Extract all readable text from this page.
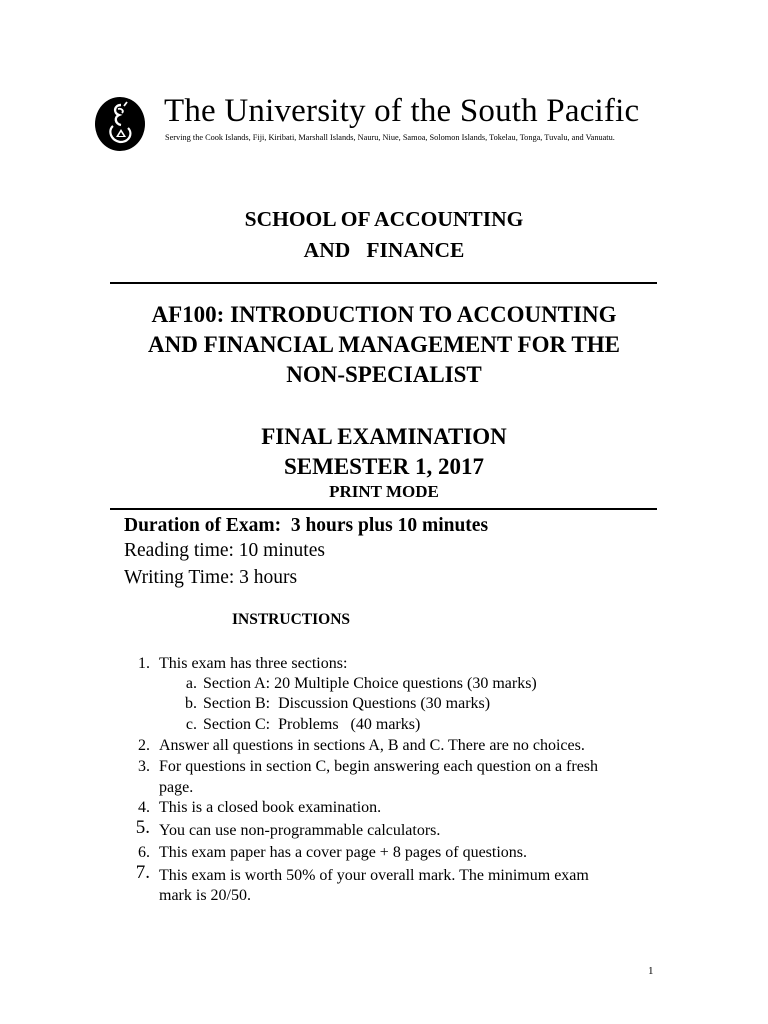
The University of the South Pacific
Serving the Cook Islands, Fiji, Kiribati, Marshall Islands, Nauru, Niue, Samoa, Solomon Islands, Tokelau, Tonga, Tuvalu, and Vanuatu.
SCHOOL OF ACCOUNTING
AND   FINANCE
AF100: INTRODUCTION TO ACCOUNTING
AND FINANCIAL MANAGEMENT FOR THE
NON-SPECIALIST
FINAL EXAMINATION
SEMESTER 1, 2017
PRINT MODE
Duration of Exam:  3 hours plus 10 minutes
Reading time: 10 minutes
Writing Time: 3 hours
INSTRUCTIONS
1. This exam has three sections:
a. Section A: 20 Multiple Choice questions (30 marks)
b. Section B:  Discussion Questions (30 marks)
c. Section C:  Problems   (40 marks)
2. Answer all questions in sections A, B and C. There are no choices.
3. For questions in section C, begin answering each question on a fresh
page.
4. This is a closed book examination.
5. You can use non-programmable calculators.
6. This exam paper has a cover page + 8 pages of questions.
7. This exam is worth 50% of your overall mark. The minimum exam
mark is 20/50.
1
